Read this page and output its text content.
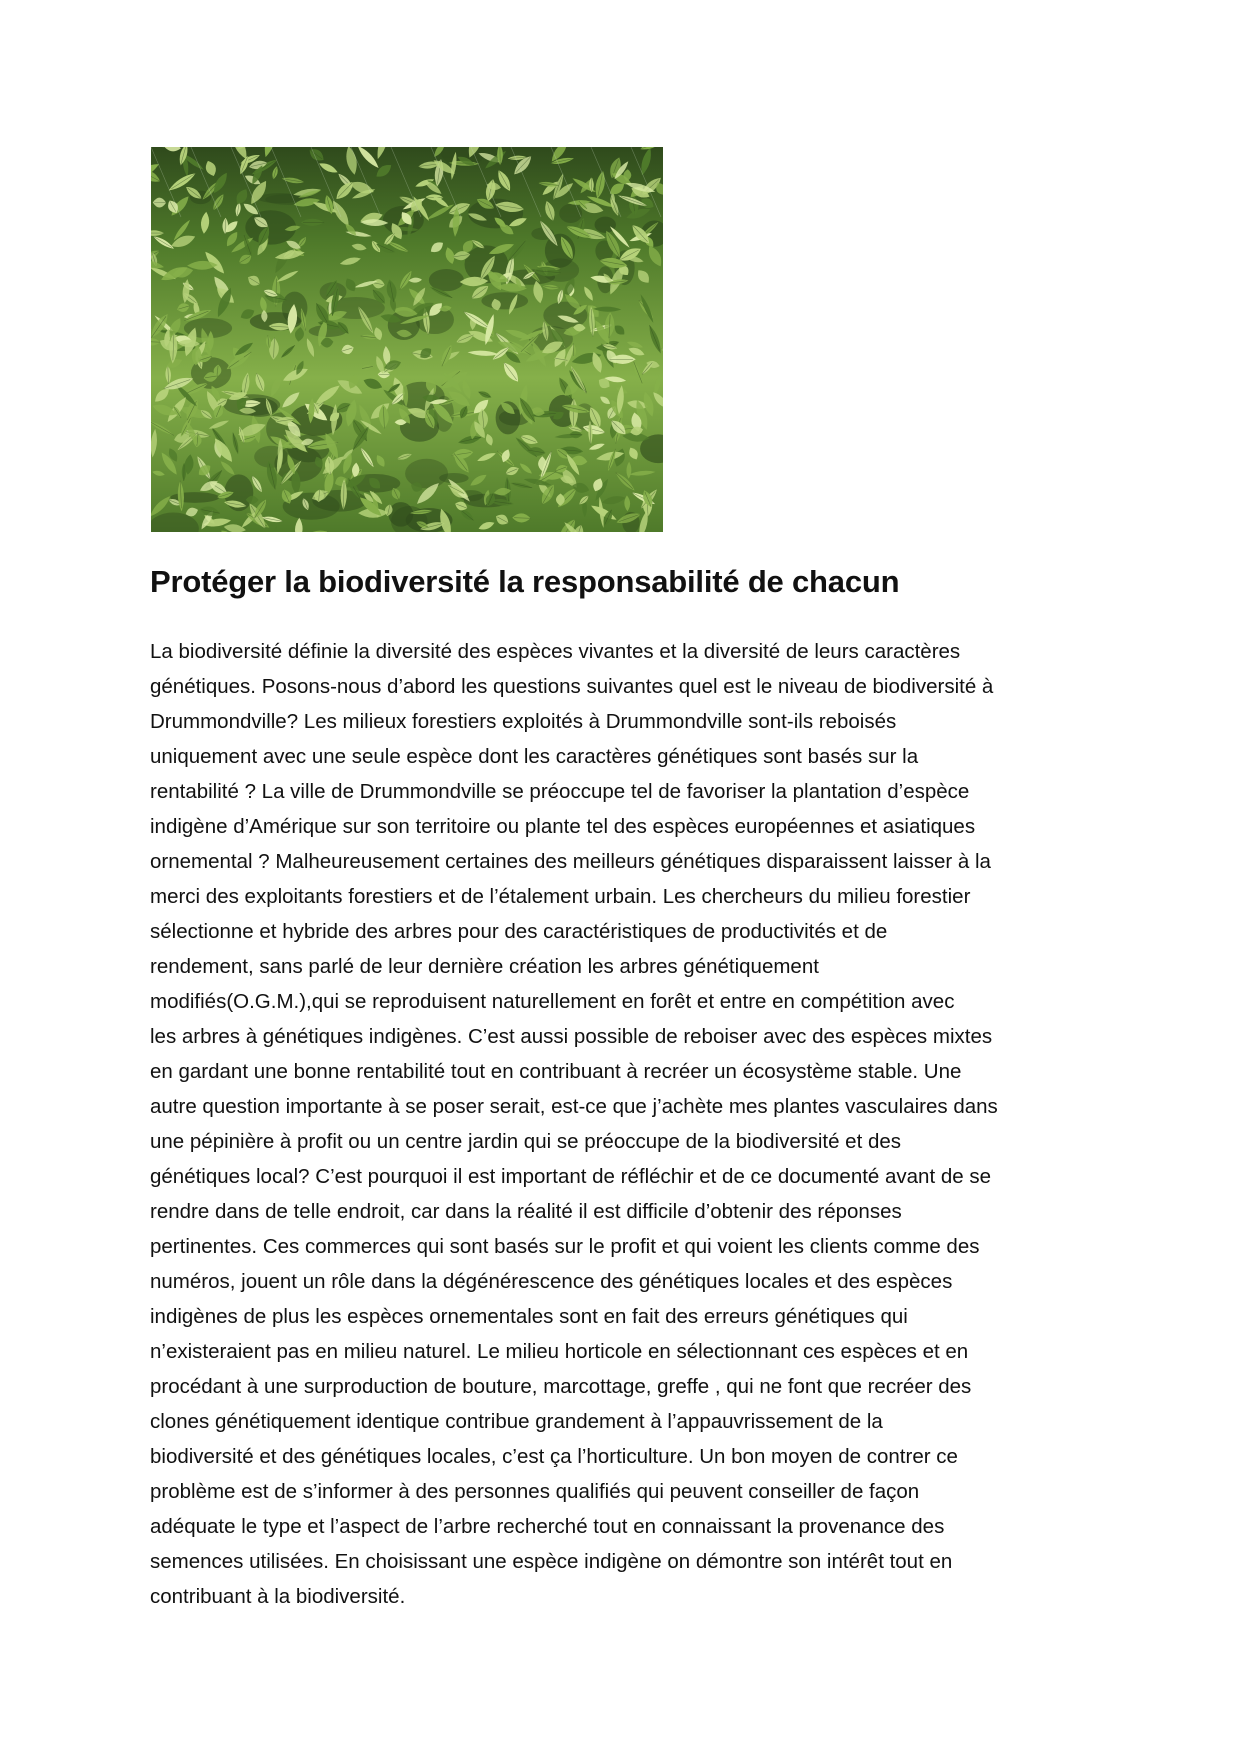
Protéger la biodiversité la responsabilité de chacun
La biodiversité définie la diversité des espèces vivantes et la diversité de leurs caractères
génétiques. Posons-nous d’abord les questions suivantes quel est le niveau de biodiversité à
Drummondville? Les milieux forestiers exploités à Drummondville sont-ils reboisés
uniquement avec une seule espèce dont les caractères génétiques sont basés sur la
rentabilité ? La ville de Drummondville se préoccupe tel de favoriser la plantation d’espèce
indigène d’Amérique sur son territoire ou plante tel des espèces européennes et asiatiques
ornemental ? Malheureusement certaines des meilleurs génétiques disparaissent laisser à la
merci des exploitants forestiers et de l’étalement urbain. Les chercheurs du milieu forestier
sélectionne et hybride des arbres pour des caractéristiques de productivités et de
rendement, sans parlé de leur dernière création les arbres génétiquement
modifiés(O.G.M.),qui se reproduisent naturellement en forêt et entre en compétition avec
les arbres à génétiques indigènes. C’est aussi possible de reboiser avec des espèces mixtes
en gardant une bonne rentabilité tout en contribuant à recréer un écosystème stable. Une
autre question importante à se poser serait, est-ce que j’achète mes plantes vasculaires dans
une pépinière à profit ou un centre jardin qui se préoccupe de la biodiversité et des
génétiques local? C’est pourquoi il est important de réfléchir et de ce documenté avant de se
rendre dans de telle endroit, car dans la réalité il est difficile d’obtenir des réponses
pertinentes. Ces commerces qui sont basés sur le profit et qui voient les clients comme des
numéros, jouent un rôle dans la dégénérescence des génétiques locales et des espèces
indigènes de plus les espèces ornementales sont en fait des erreurs génétiques qui
n’existeraient pas en milieu naturel. Le milieu horticole en sélectionnant ces espèces et en
procédant à une surproduction de bouture, marcottage, greffe , qui ne font que recréer des
clones génétiquement identique contribue grandement à l’appauvrissement de la
biodiversité et des génétiques locales, c’est ça l’horticulture. Un bon moyen de contrer ce
problème est de s’informer à des personnes qualifiés qui peuvent conseiller de façon
adéquate le type et l’aspect de l’arbre recherché tout en connaissant la provenance des
semences utilisées. En choisissant une espèce indigène on démontre son intérêt tout en
contribuant à la biodiversité.
